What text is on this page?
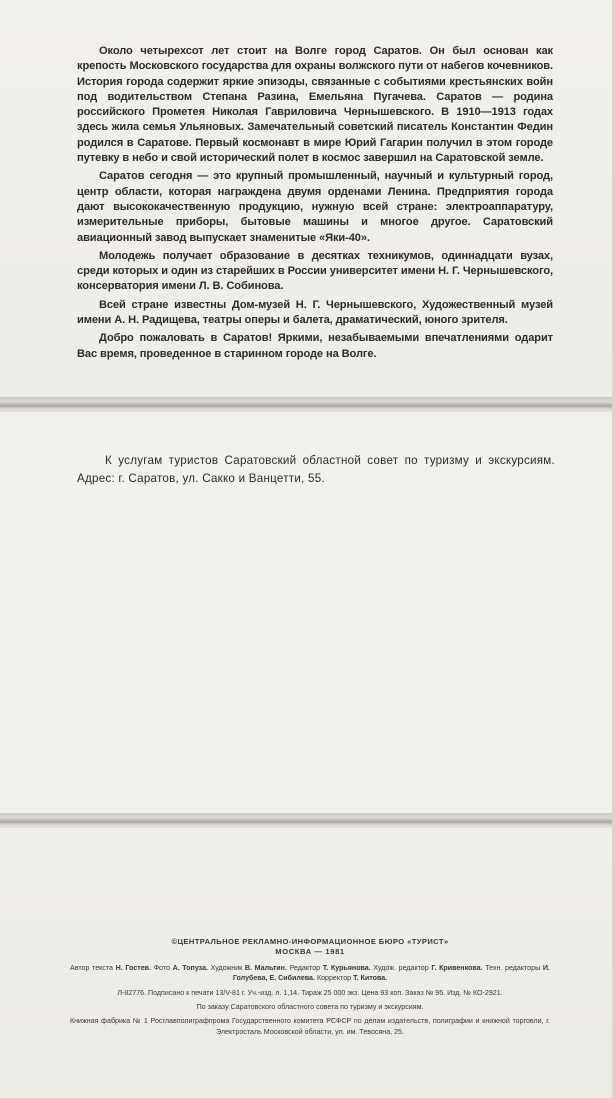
Около четырехсот лет стоит на Волге город Саратов. Он был основан как крепость Московского государства для охраны волжского пути от набегов кочевников. История города содержит яркие эпизоды, связанные с событиями крестьянских войн под водительством Степана Разина, Емельяна Пугачева. Саратов — родина российского Прометея Николая Гавриловича Чернышевского. В 1910—1913 годах здесь жила семья Ульяновых. Замечательный советский писатель Константин Федин родился в Саратове. Первый космонавт в мире Юрий Гагарин получил в этом городе путевку в небо и свой исторический полет в космос завершил на Саратовской земле.

Саратов сегодня — это крупный промышленный, научный и культурный город, центр области, которая награждена двумя орденами Ленина. Предприятия города дают высококачественную продукцию, нужную всей стране: электроаппаратуру, измерительные приборы, бытовые машины и многое другое. Саратовский авиационный завод выпускает знаменитые «Яки-40».

Молодежь получает образование в десятках техникумов, одиннадцати вузах, среди которых и один из старейших в России университет имени Н. Г. Чернышевского, консерватория имени Л. В. Собинова.

Всей стране известны Дом-музей Н. Г. Чернышевского, Художественный музей имени А. Н. Радищева, театры оперы и балета, драматический, юного зрителя.

Добро пожаловать в Саратов! Яркими, незабываемыми впечатлениями одарит Вас время, проведенное в старинном городе на Волге.

К услугам туристов Саратовский областной совет по туризму и экскурсиям. Адрес: г. Саратов, ул. Сакко и Ванцетти, 55.
©ЦЕНТРАЛЬНОЕ РЕКЛАМНО-ИНФОРМАЦИОННОЕ БЮРО «ТУРИСТ»
МОСКВА — 1981
Автор текста Н. Гостев. Фото А. Топуза. Художник В. Мальтин. Редактор Т. Курьянова. Худож. редактор Г. Кривенкова. Техн. редакторы И. Голубева, Е. Сибилева. Корректор Т. Китова.
Л-82776. Подписано к печати 13/V-81 г. Уч.-изд. л. 1,14. Тираж 25 000 экз. Цена 93 коп. Заказ № 95. Изд. № КО-2921.
По заказу Саратовского областного совета по туризму и экскурсиям.
Книжная фабрика № 1 Росглавполиграфпрома Государственного комитета РСФСР по делам издательств, полиграфии и книжной торговли, г. Электросталь Московской области, ул. им. Тевосяна, 25.
